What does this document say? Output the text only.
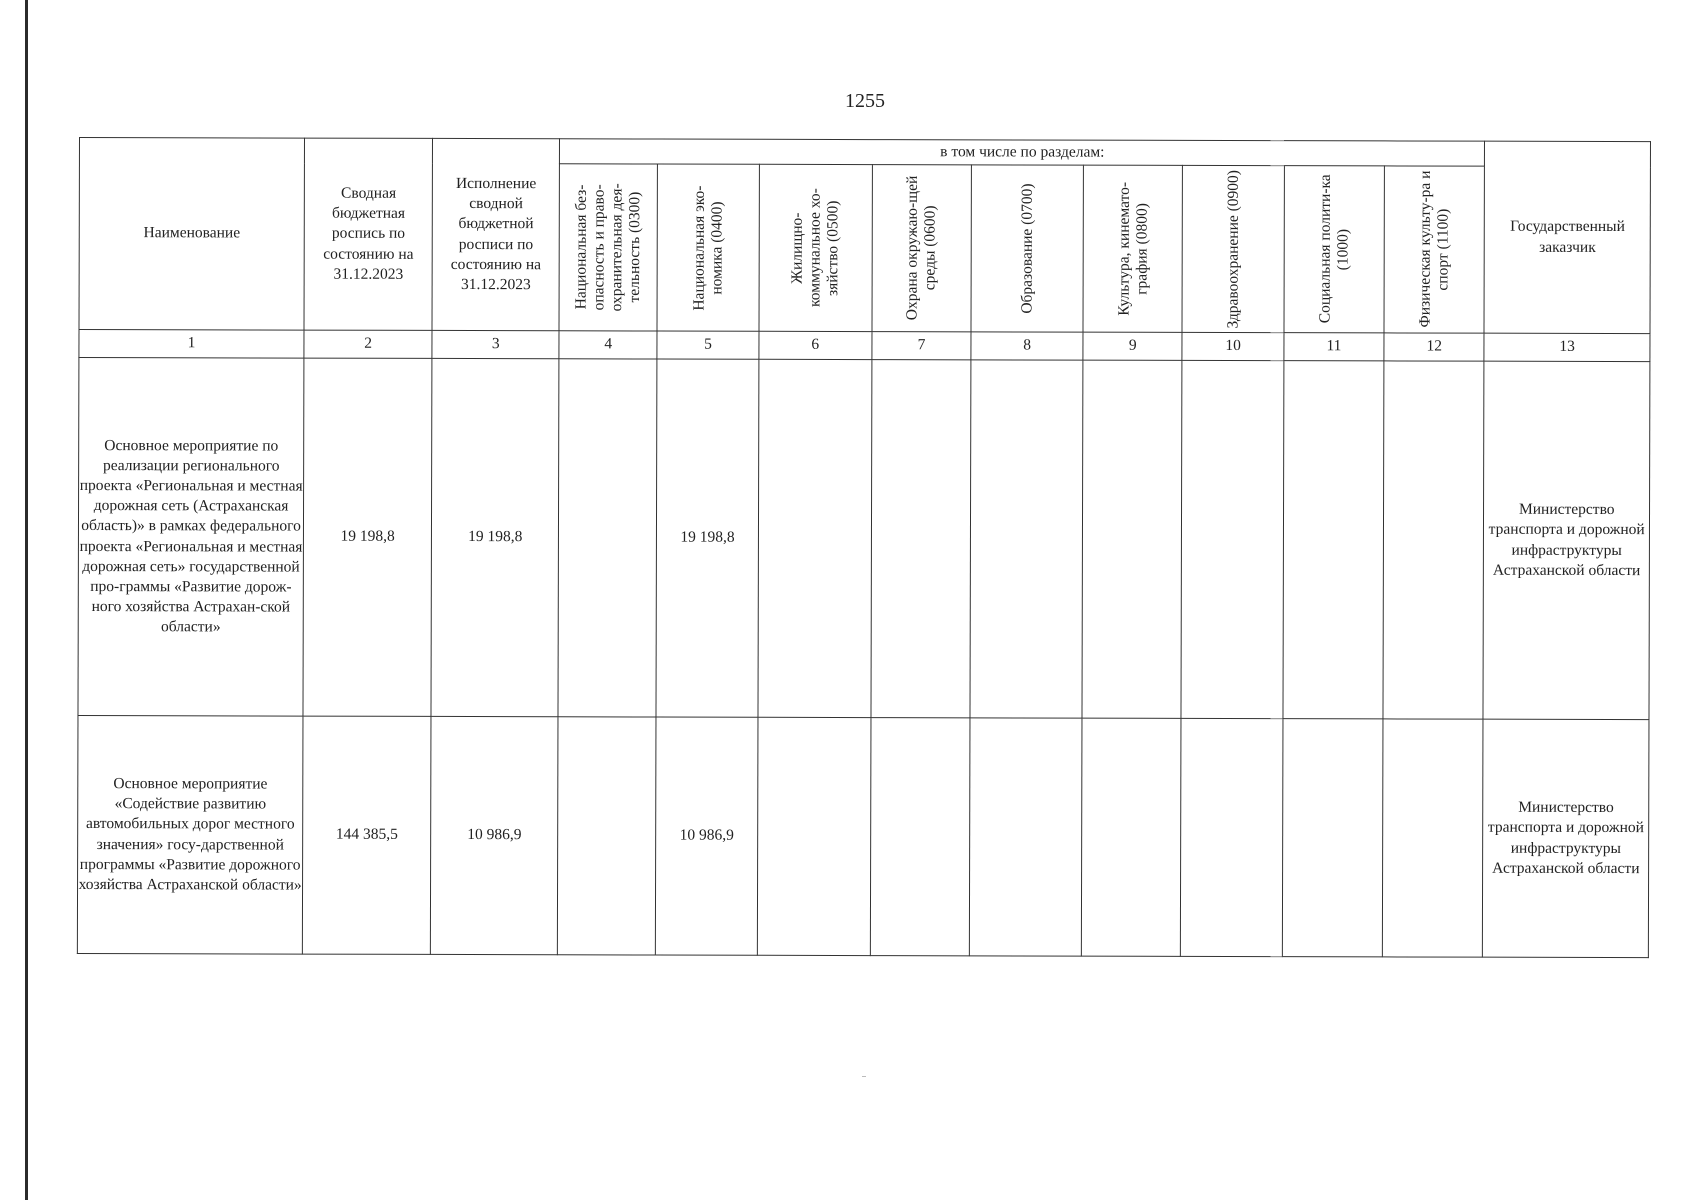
1255
Наименование	Сводная бюджетная роспись по состоянию на 31.12.2023	Исполнение сводной бюджетной росписи по состоянию на 31.12.2023	в том числе по разделам:									Государственный заказчик

			Национальная без-опасность и право-охранительная дея-тельность (0300)	Национальная эко-номика (0400)	Жилищно-коммунальное хо-зяйство (0500)	Охрана окружаю-щей среды (0600)	Образование (0700)	Культура, кинемато-графия (0800)	Здравоохранение (0900)	Социальная полити-ка (1000)	Физическая культу-ра и спорт (1100)	

1	2	3	4	5	6	7	8	9	10	11	12	13

Основное мероприятие по реализации регионального проекта «Региональная и местная дорожная сеть (Астраханская область)» в рамках федерального проекта «Региональная и местная дорожная сеть» государственной про-граммы «Развитие дорож-ного хозяйства Астрахан-ской области»	19 198,8	19 198,8		19 198,8								Министерство транспорта и дорожной инфраструктуры Астраханской области

Основное мероприятие «Содействие развитию автомобильных дорог местного значения» госу-дарственной программы «Развитие дорожного хозяйства Астраханской области»	144 385,5	10 986,9		10 986,9								Министерство транспорта и дорожной инфраструктуры Астраханской области
